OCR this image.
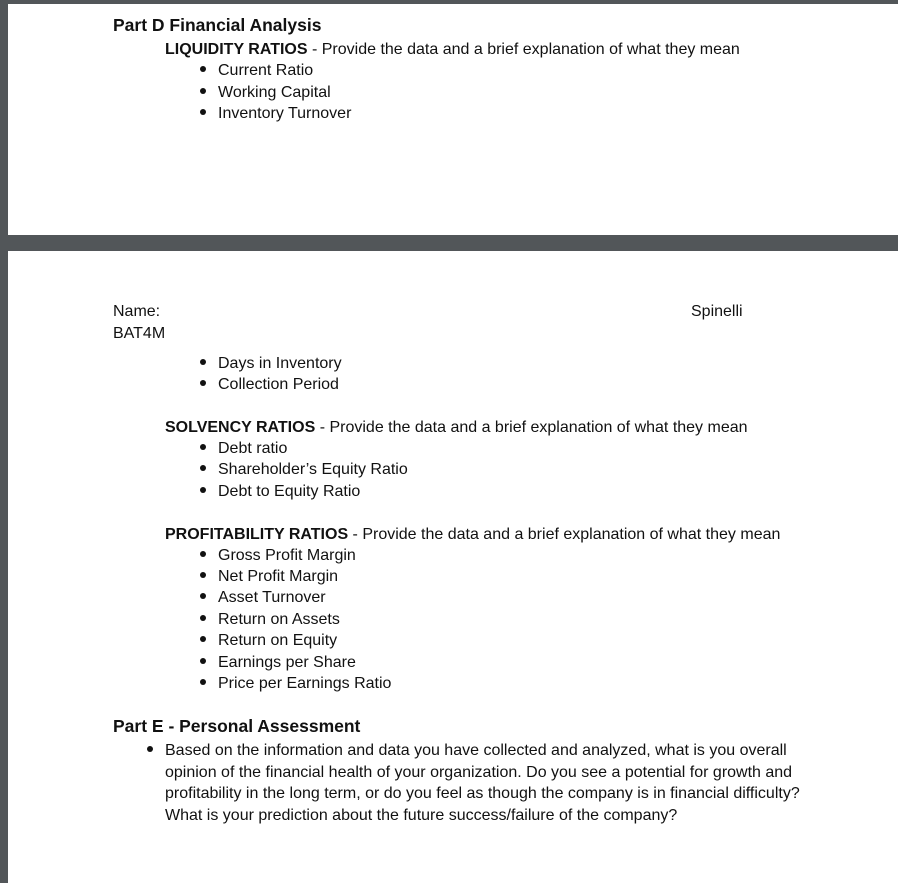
Part D Financial Analysis
LIQUIDITY RATIOS - Provide the data and a brief explanation of what they mean
Current Ratio
Working Capital
Inventory Turnover
Name:	Spinelli
BAT4M
Days in Inventory
Collection Period
SOLVENCY RATIOS - Provide the data and a brief explanation of what they mean
Debt ratio
Shareholder’s Equity Ratio
Debt to Equity Ratio
PROFITABILITY RATIOS - Provide the data and a brief explanation of what they mean
Gross Profit Margin
Net Profit Margin
Asset Turnover
Return on Assets
Return on Equity
Earnings per Share
Price per Earnings Ratio
Part E - Personal Assessment
Based on the information and data you have collected and analyzed, what is you overall opinion of the financial health of your organization. Do you see a potential for growth and profitability in the long term, or do you feel as though the company is in financial difficulty? What is your prediction about the future success/failure of the company?
